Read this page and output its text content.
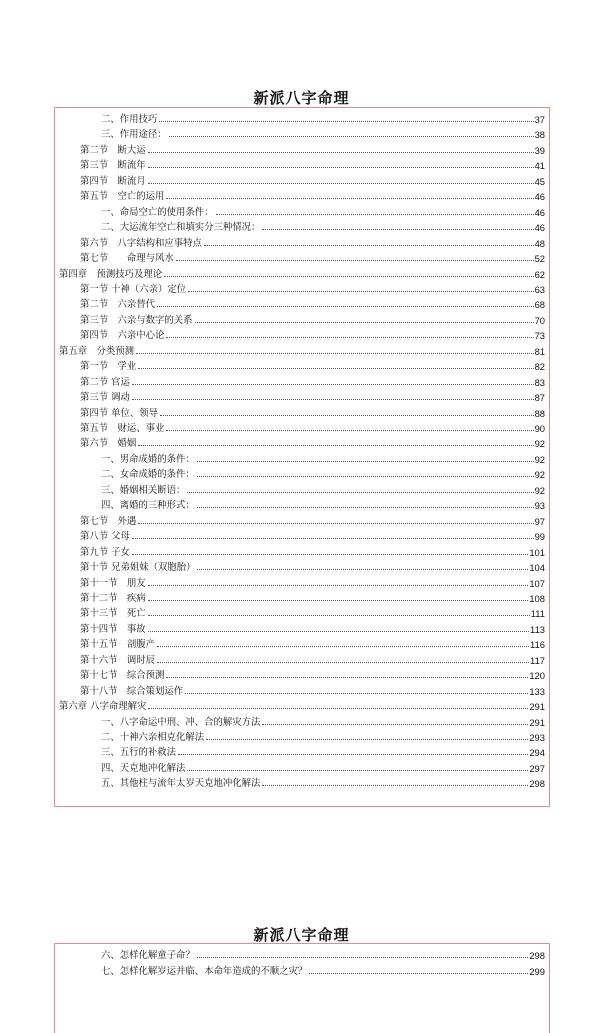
新派八字命理
二、作用技巧	37
三、作用途径：	38
第二节　断大运	39
第三节　断流年	41
第四节　断流月	45
第五节　空亡的运用	46
一、命局空亡的使用条件：	46
二、大运流年空亡和填实分三种情况：	46
第六节　八字结构和应事特点	48
第七节　　命理与风水	52
第四章　预测技巧及理论	62
第一节 十神（六亲）定位	63
第二节　六亲替代	68
第三节　六亲与数字的关系	70
第四节　六亲中心论	73
第五章　分类预测	81
第一节　学业	82
第二节 官运	83
第三节 调动	87
第四节 单位、领导	88
第五节　财运、事业	90
第六节　婚姻	92
一、男命成婚的条件：	92
二、女命成婚的条件：	92
三、婚姻相关断语：	92
四、离婚的三种形式：	93
第七节　外遇	97
第八节 父母	99
第九节 子女	101
第十节 兄弟姐妹（双胞胎）	104
第十一节　朋友	107
第十二节　疾病	108
第十三节　死亡	111
第十四节　事故	113
第十五节　剖腹产	116
第十六节　调时辰	117
第十七节　综合预测	120
第十八节　综合策划运作	133
第六章 八字命理解灾	291
一、八字命运中刑、冲、合的解灾方法	291
二、十神六亲相克化解法	293
三、五行的补救法	294
四、天克地冲化解法	297
五、其他柱与流年太岁天克地冲化解法	298
新派八字命理
六、怎样化解童子命？	298
七、怎样化解岁运并临、本命年造成的不顺之灾？	299
